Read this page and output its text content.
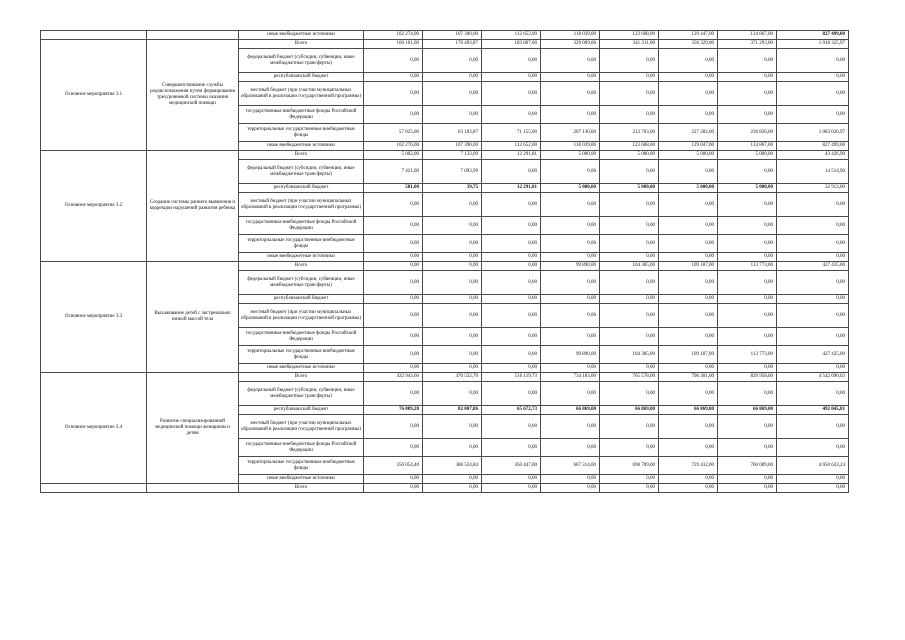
		иные внебюджетные источники	102 274,00	107 390,00	112 652,00	118 039,00	123 608,00	129 447,00	134 867,00	827 499,00
Основное мероприятие 3.1	Совершенствование службы родовспоможения путем формирования трехуровневой системы оказания медицинской помощи	Всего	160 101,00	176 493,87	183 807,00	329 009,00	341 311,00	356 329,00	371 293,00	1 918 325,97
		федеральный бюджет (субсидии, субвенции, иные межбюджетные трансферты)	0,00	0,00	0,00	0,00	0,00	0,00	0,00	0,00
		республиканский бюджет	0,00	0,00	0,00	0,00	0,00	0,00	0,00	0,00
		местный бюджет (при участии муниципальных образований в реализации государственной программы)	0,00	0,00	0,00	0,00	0,00	0,00	0,00	0,00
		государственные внебюджетные фонды Российской Федерации	0,00	0,00	0,00	0,00	0,00	0,00	0,00	0,00
		территориальные государственные внебюджетные фонды	57 825,00	63 103,87	71 155,00	207 130,00	213 703,00	227 282,00	236 826,00	1 083 026,97
		иные внебюджетные источники	102 276,00	107 390,00	112 652,00	118 039,00	123 608,00	129 047,00	134 867,00	827 499,00
Основное мероприятие 3.2	Создание системы раннего выявления и коррекции нарушений развития ребенка	Всего	5 002,00	7 133,09	12 291,81	5 000,00	5 000,00	5 000,00	5 000,00	43 426,90
		федеральный бюджет (субсидии, субвенции, иные межбюджетные трансферты)	7 421,00	7 093,99	0,00	0,00	0,00	0,00	0,00	14 514,90
		республиканский бюджет	581,00	39,75	12 291,81	5 000,00	5 000,00	5 000,00	5 000,00	32 913,00
		местный бюджет (при участии муниципальных образований в реализации государственной программы)	0,00	0,00	0,00	0,00	0,00	0,00	0,00	0,00
		государственные внебюджетные фонды Российской Федерации	0,00	0,00	0,00	0,00	0,00	0,00	0,00	0,00
		территориальные государственные внебюджетные фонды	0,00	0,00	0,00	0,00	0,00	0,00	0,00	0,00
		иные внебюджетные источники	0,00	0,00	0,00	0,00	0,00	0,00	0,00	0,00
Основное мероприятие 3.3	Выхаживание детей с экстремально низкой массой тела	Всего	0,00	0,00	0,00	99 890,00	104 385,00	109 187,00	113 773,00	427 435,00
		федеральный бюджет (субсидии, субвенции, иные межбюджетные трансферты)	0,00	0,00	0,00	0,00	0,00	0,00	0,00	0,00
		республиканский бюджет	0,00	0,00	0,00	0,00	0,00	0,00	0,00	0,00
		местный бюджет (при участии муниципальных образований в реализации государственной программы)	0,00	0,00	0,00	0,00	0,00	0,00	0,00	0,00
		государственные внебюджетные фонды Российской Федерации	0,00	0,00	0,00	0,00	0,00	0,00	0,00	0,00
		территориальные государственные внебюджетные фонды	0,00	0,00	0,00	99 890,00	104 385,00	109 187,00	113 773,00	427 435,00
		иные внебюджетные источники	0,00	0,00	0,00	0,00	0,00	0,00	0,00	0,00
Основное мероприятие 3.4	Развитие специализированной медицинской помощи женщинам и детям	Всего	432 943,60	470 532,70	516 119,73	734 183,00	765 578,00	796 301,00	826 958,00	4 542 690,03
		федеральный бюджет (субсидии, субвенции, иные межбюджетные трансферты)	0,00	0,00	0,00	0,00	0,00	0,00	0,00	0,00
		республиканский бюджет	76 889,20	82 007,86	65 672,73	66 869,00	66 869,00	66 869,00	66 869,00	492 045,81
		местный бюджет (при участии муниципальных образований в реализации государственной программы)	0,00	0,00	0,00	0,00	0,00	0,00	0,00	0,00
		государственные внебюджетные фонды Российской Федерации	0,00	0,00	0,00	0,00	0,00	0,00	0,00	0,00
		территориальные государственные внебюджетные фонды	356 054,40	388 524,84	450 447,00	667 314,00	698 709,00	729 432,00	760 089,00	4 050 643,24
		иные внебюджетные источники	0,00	0,00	0,00	0,00	0,00	0,00	0,00	0,00
		Всего	0,00	0,00	0,00	0,00	0,00	0,00	0,00	0,00
